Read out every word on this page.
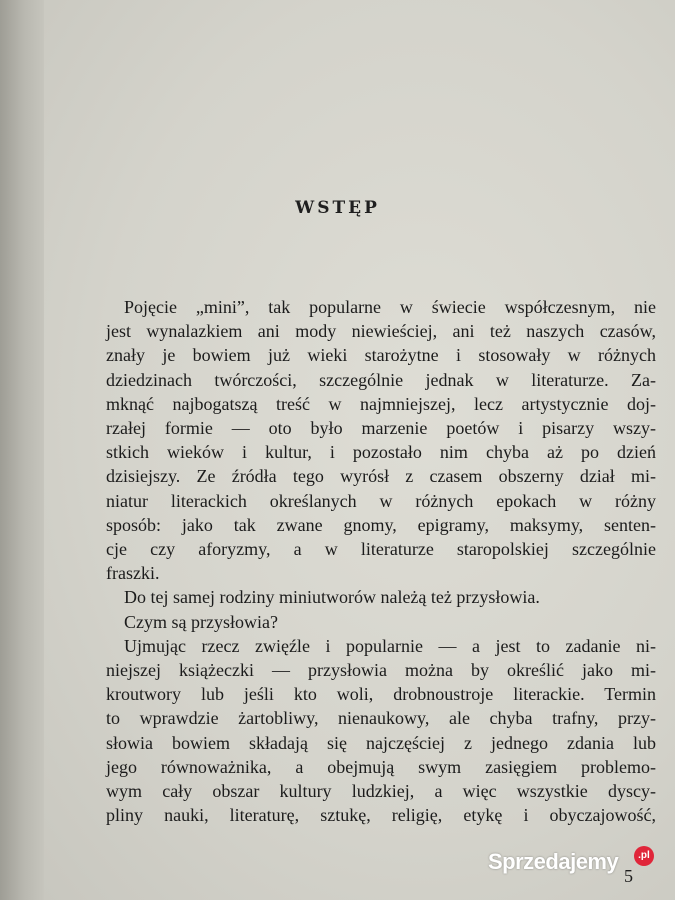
WSTĘP
Pojęcie „mini”, tak popularne w świecie współczesnym, nie
jest wynalazkiem ani mody niewieściej, ani też naszych czasów,
znały je bowiem już wieki starożytne i stosowały w różnych
dziedzinach twórczości, szczególnie jednak w literaturze. Za-
mknąć najbogatszą treść w najmniejszej, lecz artystycznie doj-
rzałej formie — oto było marzenie poetów i pisarzy wszy-
stkich wieków i kultur, i pozostało nim chyba aż po dzień
dzisiejszy. Ze źródła tego wyrósł z czasem obszerny dział mi-
niatur literackich określanych w różnych epokach w różny
sposób: jako tak zwane gnomy, epigramy, maksymy, senten-
cje czy aforyzmy, a w literaturze staropolskiej szczególnie
fraszki.
Do tej samej rodziny miniutworów należą też przysłowia.
Czym są przysłowia?
Ujmując rzecz zwięźle i popularnie — a jest to zadanie ni-
niejszej książeczki — przysłowia można by określić jako mi-
kroutwory lub jeśli kto woli, drobnoustroje literackie. Termin
to wprawdzie żartobliwy, nienaukowy, ale chyba trafny, przy-
słowia bowiem składają się najczęściej z jednego zdania lub
jego równoważnika, a obejmują swym zasięgiem problemo-
wym cały obszar kultury ludzkiej, a więc wszystkie dyscy-
pliny nauki, literaturę, sztukę, religię, etykę i obyczajowość,
5
Sprzedajemy	.pl
